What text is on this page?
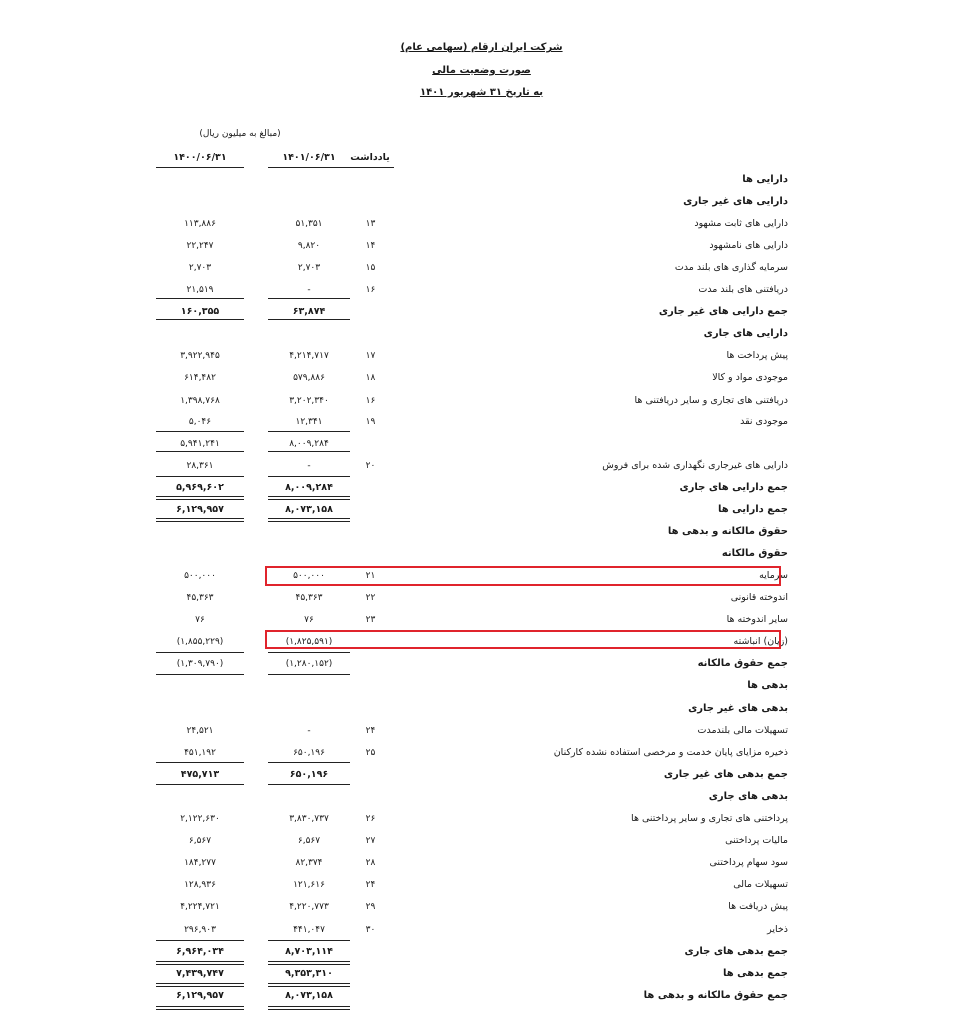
شرکت ایران ارقام (سهامی عام)
صورت وضعیت مالی
به تاریخ ۳۱ شهریور ۱۴۰۱
(مبالغ به میلیون ریال)
۱۴۰۰/۰۶/۳۱	۱۴۰۱/۰۶/۳۱	یادداشت
دارایی ها
دارایی های غیر جاری
دارایی های ثابت مشهود
۱۳
۵۱,۳۵۱
۱۱۳,۸۸۶
دارایی های نامشهود
۱۴
۹,۸۲۰
۲۲,۲۴۷
سرمایه گذاری های بلند مدت
۱۵
۲,۷۰۳
۲,۷۰۳
دریافتنی های بلند مدت
۱۶
-
۲۱,۵۱۹
جمع دارایی های غیر جاری
۶۳,۸۷۴
۱۶۰,۳۵۵
دارایی های جاری
پیش پرداخت ها
۱۷
۴,۲۱۴,۷۱۷
۳,۹۲۲,۹۴۵
موجودی مواد و کالا
۱۸
۵۷۹,۸۸۶
۶۱۴,۴۸۲
دریافتنی های تجاری و سایر دریافتنی ها
۱۶
۳,۲۰۲,۳۴۰
۱,۳۹۸,۷۶۸
موجودی نقد
۱۹
۱۲,۳۴۱
۵,۰۴۶
۸,۰۰۹,۲۸۴
۵,۹۴۱,۲۴۱
دارایی های غیرجاری نگهداری شده برای فروش
۲۰
-
۲۸,۳۶۱
جمع دارایی های جاری
۸,۰۰۹,۲۸۴
۵,۹۶۹,۶۰۲
جمع دارایی ها
۸,۰۷۳,۱۵۸
۶,۱۲۹,۹۵۷
حقوق مالکانه و بدهی ها
حقوق مالکانه
سرمایه
۲۱
۵۰۰,۰۰۰
۵۰۰,۰۰۰
اندوخته قانونی
۲۲
۴۵,۳۶۳
۴۵,۳۶۳
سایر اندوخته ها
۲۳
۷۶
۷۶
(زیان) انباشته
(۱,۸۲۵,۵۹۱)
(۱,۸۵۵,۲۲۹)
جمع حقوق مالکانه
(۱,۲۸۰,۱۵۲)
(۱,۳۰۹,۷۹۰)
بدهی ها
بدهی های غیر جاری
تسهیلات مالی بلندمدت
۲۴
-
۲۴,۵۲۱
ذخیره مزایای پایان خدمت و مرخصی استفاده نشده کارکنان
۲۵
۶۵۰,۱۹۶
۴۵۱,۱۹۲
جمع بدهی های غیر جاری
۶۵۰,۱۹۶
۴۷۵,۷۱۳
بدهی های جاری
پرداختنی های تجاری و سایر پرداختنی ها
۲۶
۳,۸۳۰,۷۳۷
۲,۱۲۲,۶۳۰
مالیات پرداختنی
۲۷
۶,۵۶۷
۶,۵۶۷
سود سهام پرداختنی
۲۸
۸۲,۳۷۴
۱۸۴,۲۷۷
تسهیلات مالی
۲۴
۱۲۱,۶۱۶
۱۲۸,۹۳۶
پیش دریافت ها
۲۹
۴,۲۲۰,۷۷۳
۴,۲۲۴,۷۲۱
ذخایر
۳۰
۴۴۱,۰۴۷
۲۹۶,۹۰۳
جمع بدهی های جاری
۸,۷۰۳,۱۱۴
۶,۹۶۴,۰۳۴
جمع بدهی ها
۹,۳۵۳,۳۱۰
۷,۴۳۹,۷۴۷
جمع حقوق مالکانه و بدهی ها
۸,۰۷۳,۱۵۸
۶,۱۲۹,۹۵۷
